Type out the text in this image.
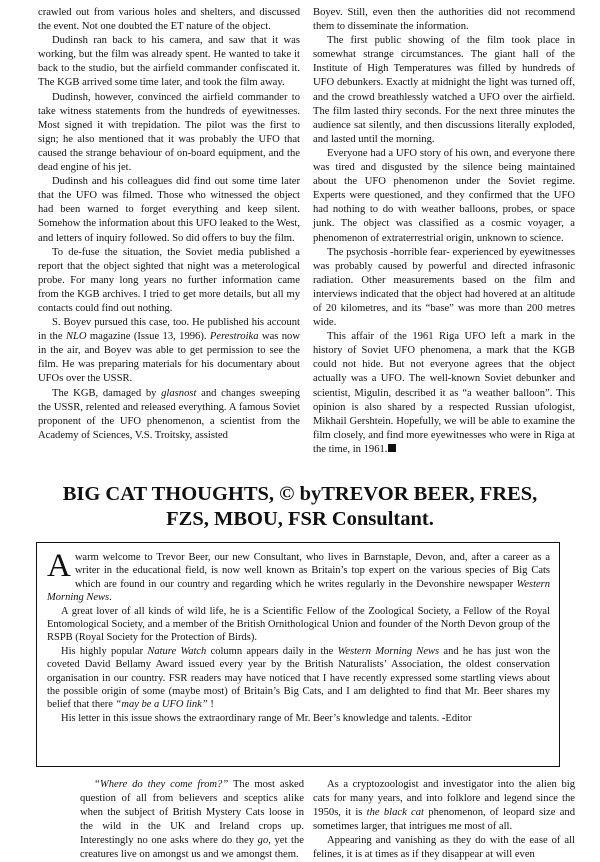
crawled out from various holes and shelters, and discussed the event. Not one doubted the ET nature of the object.

Dudinsh ran back to his camera, and saw that it was working, but the film was already spent. He wanted to take it back to the studio, but the airfield commander confiscated it. The KGB arrived some time later, and took the film away.

Dudinsh, however, convinced the airfield commander to take witness statements from the hundreds of eyewitnesses. Most signed it with trepidation. The pilot was the first to sign; he also mentioned that it was probably the UFO that caused the strange behaviour of on-board equipment, and the dead engine of his jet.

Dudinsh and his colleagues did find out some time later that the UFO was filmed. Those who witnessed the object had been warned to forget everything and keep silent. Somehow the information about this UFO leaked to the West, and letters of inquiry followed. So did offers to buy the film.

To de-fuse the situation, the Soviet media published a report that the object sighted that night was a meterological probe. For many long years no further information came from the KGB archives. I tried to get more details, but all my contacts could find out nothing.

S. Boyev pursued this case, too. He published his account in the NLO magazine (Issue 13, 1996). Perestroika was now in the air, and Boyev was able to get permission to see the film. He was preparing materials for his documentary about UFOs over the USSR.

The KGB, damaged by glasnost and changes sweeping the USSR, relented and released everything. A famous Soviet proponent of the UFO phenomenon, a scientist from the Academy of Sciences, V.S. Troitsky, assisted

Boyev. Still, even then the authorities did not recommend them to disseminate the information.

The first public showing of the film took place in somewhat strange circumstances. The giant hall of the Institute of High Temperatures was filled by hundreds of UFO debunkers. Exactly at midnight the light was turned off, and the crowd breathlessly watched a UFO over the airfield. The film lasted thiry seconds. For the next three minutes the audience sat silently, and then discussions literally exploded, and lasted until the morning.

Everyone had a UFO story of his own, and everyone there was tired and disgusted by the silence being maintained about the UFO phenomenon under the Soviet regime. Experts were questioned, and they confirmed that the UFO had nothing to do with weather balloons, probes, or space junk. The object was classified as a cosmic voyager, a phenomenon of extraterrestrial origin, unknown to science.

The psychosis -horrible fear- experienced by eyewitnesses was probably caused by powerful and directed infrasonic radiation. Other measurements based on the film and interviews indicated that the object had hovered at an altitude of 20 kilometres, and its “base” was more than 200 metres wide.

This affair of the 1961 Riga UFO left a mark in the history of Soviet UFO phenomena, a mark that the KGB could not hide. But not everyone agrees that the object actually was a UFO. The well-known Soviet debunker and scientist, Migulin, described it as “a weather balloon”. This opinion is also shared by a respected Russian ufologist, Mikhail Gershtein. Hopefully, we will be able to examine the film closely, and find more eyewitnesses who were in Riga at the time, in 1961.

BIG CAT THOUGHTS, © byTREVOR BEER, FRES,
FZS, MBOU, FSR Consultant.

A warm welcome to Trevor Beer, our new Consultant, who lives in Barnstaple, Devon, and, after a career as a writer in the educational field, is now well known as Britain’s top expert on the various species of Big Cats which are found in our country and regarding which he writes regularly in the Devonshire newspaper Western Morning News.

A great lover of all kinds of wild life, he is a Scientific Fellow of the Zoological Society, a Fellow of the Royal Entomological Society, and a member of the British Ornithological Union and founder of the North Devon group of the RSPB (Royal Society for the Protection of Birds).

His highly popular Nature Watch column appears daily in the Western Morning News and he has just won the coveted David Bellamy Award issued every year by the British Naturalists’ Association, the oldest conservation organisation in our country. FSR readers may have noticed that I have recently expressed some startling views about the possible origin of some (maybe most) of Britain’s Big Cats, and I am delighted to find that Mr. Beer shares my belief that there “may be a UFO link” !

His letter in this issue shows the extraordinary range of Mr. Beer’s knowledge and talents. -Editor

“Where do they come from?” The most asked question of all from believers and sceptics alike when the subject of British Mystery Cats loose in the wild in the UK and Ireland crops up. Interestingly no one asks where do they go, yet the creatures live on amongst us and we amongst them.

As a cryptozoologist and investigator into the alien big cats for many years, and into folklore and legend since the 1950s, it is the black cat phenomenon, of leopard size and sometimes larger, that intrigues me most of all.

Appearing and vanishing as they do with the ease of all felines, it is at times as if they disappear at will even
